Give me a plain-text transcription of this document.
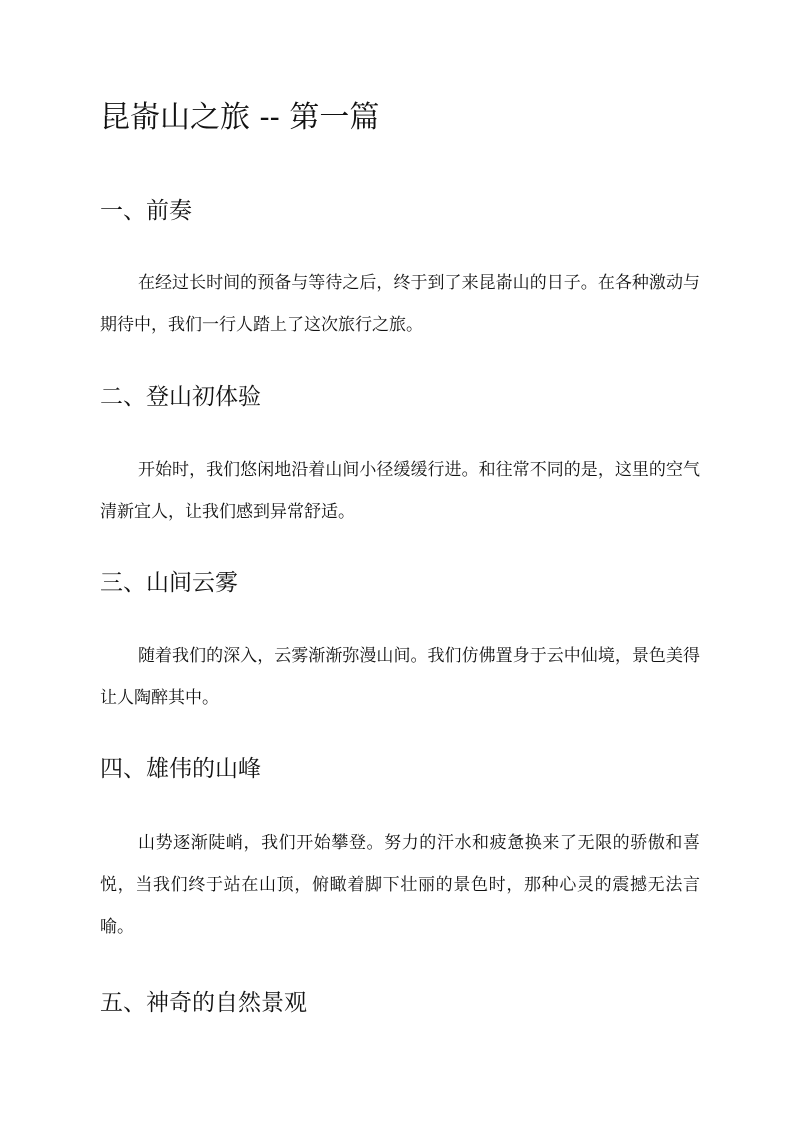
昆嵛山之旅 -- 第一篇
一、前奏

在经过长时间的预备与等待之后，终于到了来昆嵛山的日子。在各种激动与期待中，我们一行人踏上了这次旅行之旅。

二、登山初体验

开始时，我们悠闲地沿着山间小径缓缓行进。和往常不同的是，这里的空气清新宜人，让我们感到异常舒适。

三、山间云雾

随着我们的深入，云雾渐渐弥漫山间。我们仿佛置身于云中仙境，景色美得让人陶醉其中。

四、雄伟的山峰

山势逐渐陡峭，我们开始攀登。努力的汗水和疲惫换来了无限的骄傲和喜悦，当我们终于站在山顶，俯瞰着脚下壮丽的景色时，那种心灵的震撼无法言喻。

五、神奇的自然景观
